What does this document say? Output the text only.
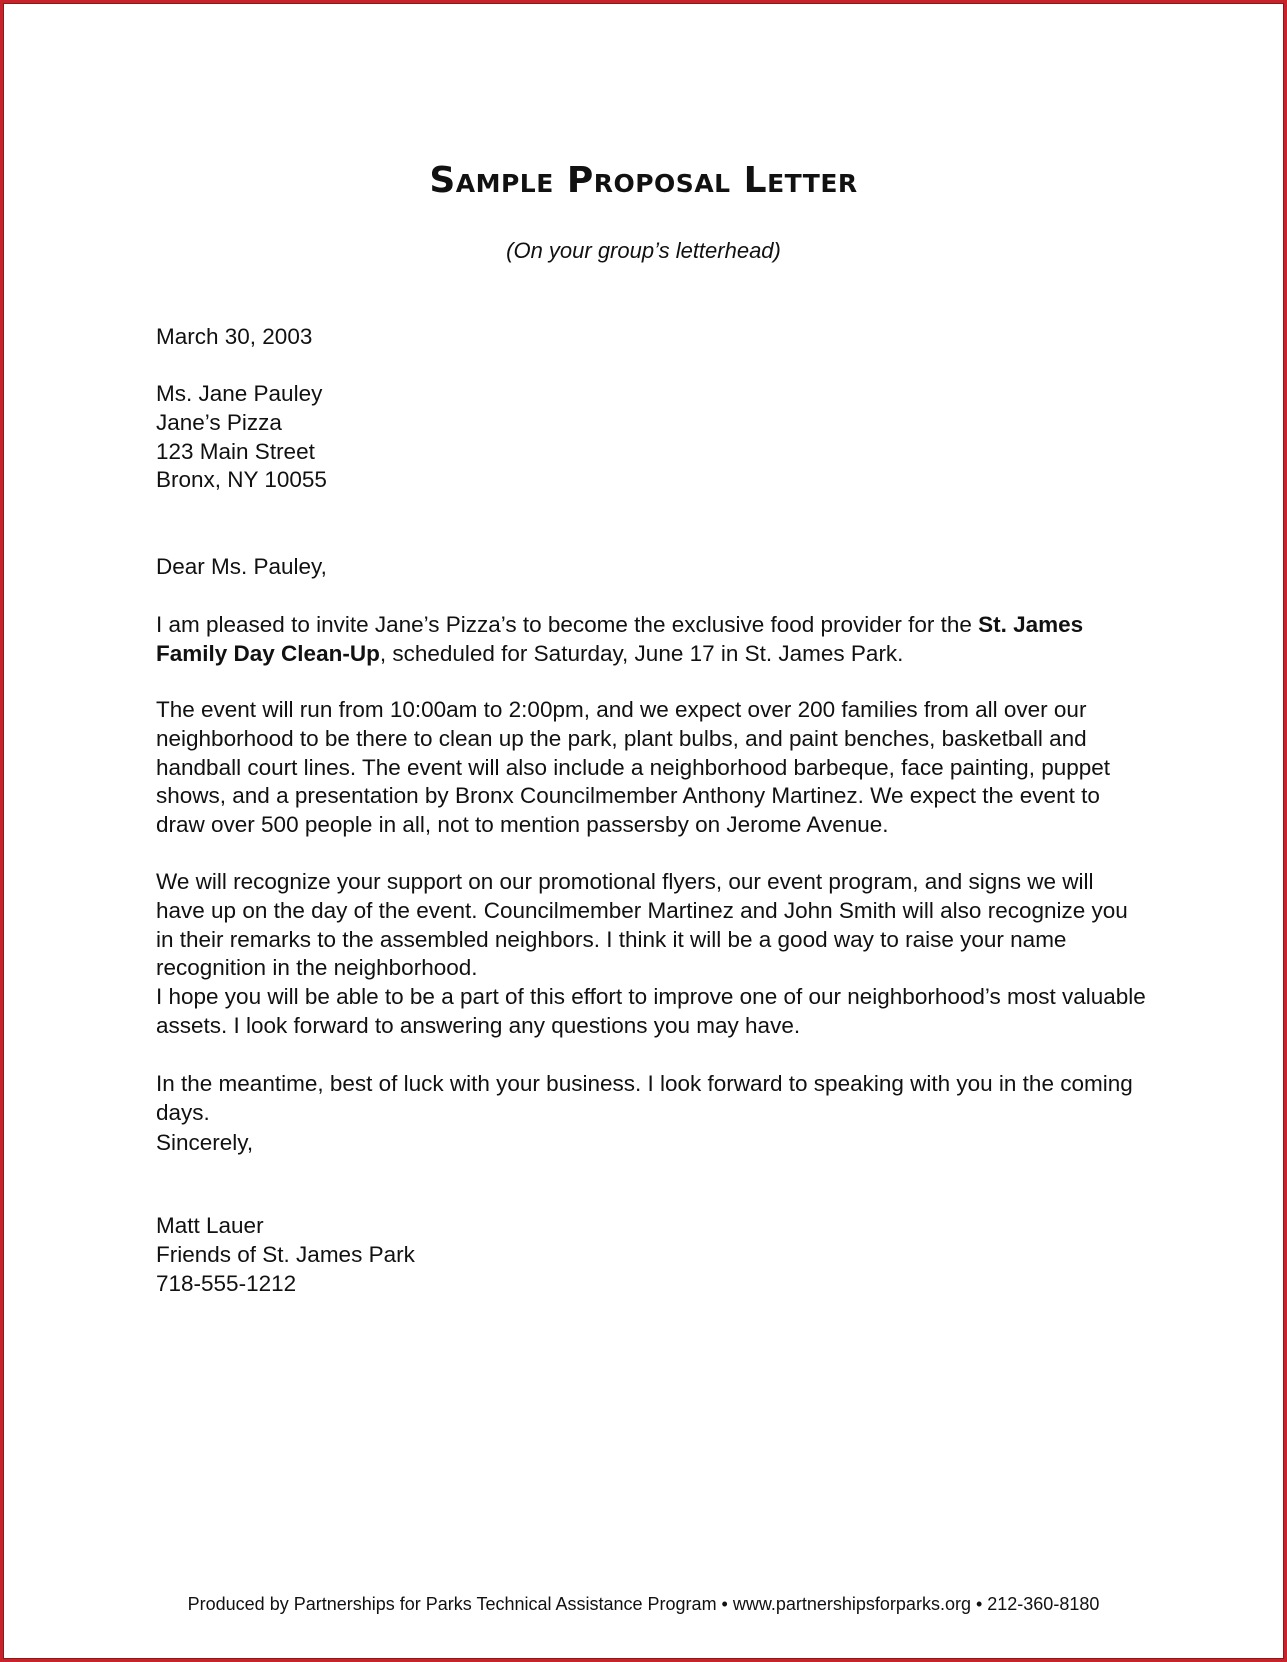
Sample Proposal Letter
(On your group’s letterhead)
March 30, 2003
Ms. Jane Pauley
Jane’s Pizza
123 Main Street
Bronx, NY 10055
Dear Ms. Pauley,
I am pleased to invite Jane’s Pizza’s to become the exclusive food provider for the St. James Family Day Clean-Up, scheduled for Saturday, June 17 in St. James Park.
The event will run from 10:00am to 2:00pm, and we expect over 200 families from all over our neighborhood to be there to clean up the park, plant bulbs, and paint benches, basketball and handball court lines. The event will also include a neighborhood barbeque, face painting, puppet shows, and a presentation by Bronx Councilmember Anthony Martinez. We expect the event to draw over 500 people in all, not to mention passersby on Jerome Avenue.
We will recognize your support on our promotional flyers, our event program, and signs we will have up on the day of the event. Councilmember Martinez and John Smith will also recognize you in their remarks to the assembled neighbors. I think it will be a good way to raise your name recognition in the neighborhood.
I hope you will be able to be a part of this effort to improve one of our neighborhood’s most valuable assets. I look forward to answering any questions you may have.
In the meantime, best of luck with your business. I look forward to speaking with you in the coming days.
Sincerely,
Matt Lauer
Friends of St. James Park
718-555-1212
Produced by Partnerships for Parks Technical Assistance Program • www.partnershipsforparks.org • 212-360-8180
